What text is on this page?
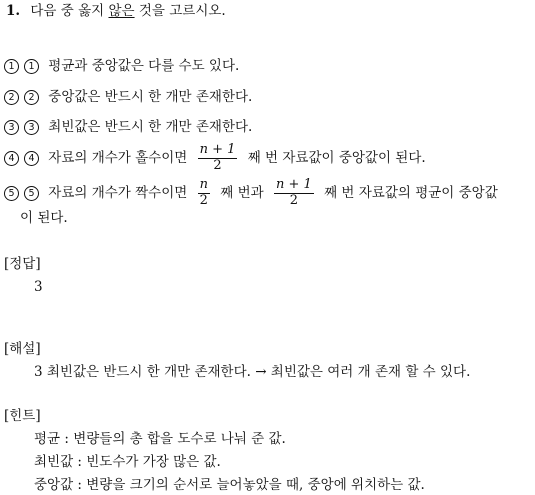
1. 다음 중 옳지 않은 것을 고르시오.
1 1 평균과 중앙값은 다를 수도 있다.
2 2 중앙값은 반드시 한 개만 존재한다.
3 3 최빈값은 반드시 한 개만 존재한다.
4 4 자료의 개수가 홀수이면 $\frac{n + 1}{2}$ 째 번 자료값이 중앙값이 된다.
5 5 자료의 개수가 짝수이면 $\frac{n}{2}$ 째 번과 $\frac{n + 1}{2}$ 째 번 자료값의 평균이 중앙값
이 된다.
[정답]
3
[해설]
3 최빈값은 반드시 한 개만 존재한다. → 최빈값은 여러 개 존재 할 수 있다.
[힌트]
평균 : 변량들의 총 합을 도수로 나눠 준 값.
최빈값 : 빈도수가 가장 많은 값.
중앙값 : 변량을 크기의 순서로 늘어놓았을 때, 중앙에 위치하는 값.
